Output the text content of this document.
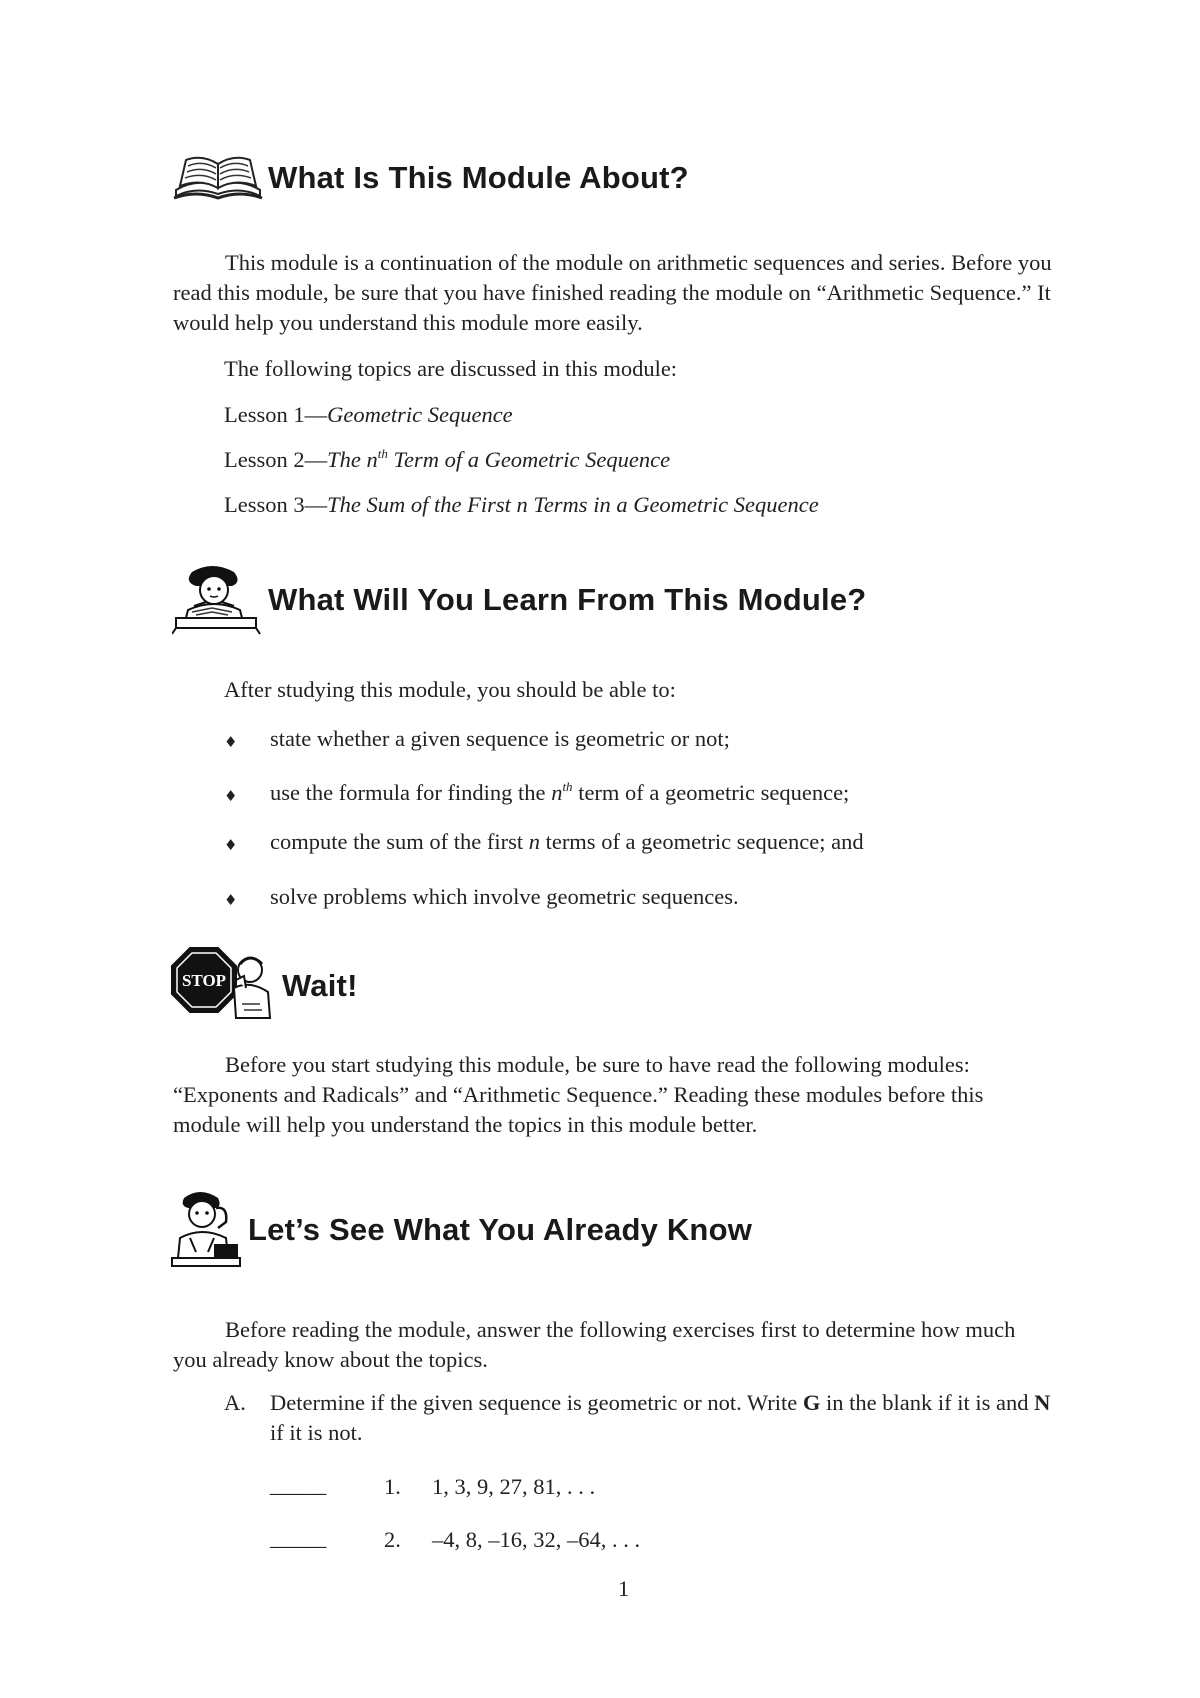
What Is This Module About?
This module is a continuation of the module on arithmetic sequences and series. Before you read this module, be sure that you have finished reading the module on “Arithmetic Sequence.” It would help you understand this module more easily.
The following topics are discussed in this module:
Lesson 1—Geometric Sequence
Lesson 2—The $n^{th}$ Term of a Geometric Sequence
Lesson 3—The Sum of the First n Terms in a Geometric Sequence
What Will You Learn From This Module?
After studying this module, you should be able to:
♦ state whether a given sequence is geometric or not;
♦ use the formula for finding the $n^{th}$ term of a geometric sequence;
♦ compute the sum of the first n terms of a geometric sequence; and
♦ solve problems which involve geometric sequences.
STOP Wait!
Before you start studying this module, be sure to have read the following modules: “Exponents and Radicals” and “Arithmetic Sequence.” Reading these modules before this module will help you understand the topics in this module better.
Let’s See What You Already Know
Before reading the module, answer the following exercises first to determine how much you already know about the topics.
A. Determine if the given sequence is geometric or not. Write G in the blank if it is and N if it is not.
_____	1. 1, 3, 9, 27, 81, . . .
_____	2. –4, 8, –16, 32, –64, . . .
1
